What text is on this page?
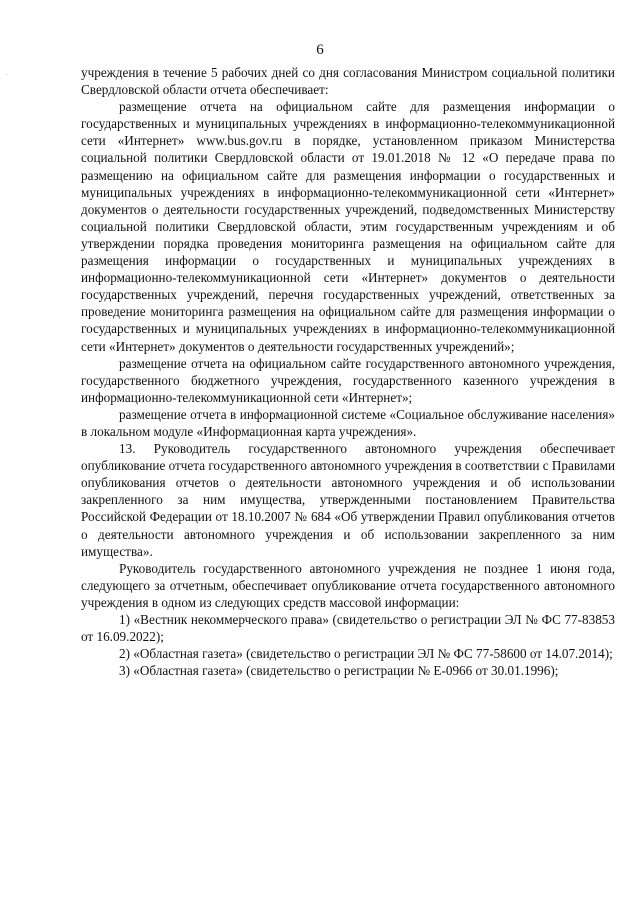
6

учреждения в течение 5 рабочих дней со дня согласования Министром социальной политики Свердловской области отчета обеспечивает:

размещение отчета на официальном сайте для размещения информации о государственных и муниципальных учреждениях в информационно-телекоммуникационной сети «Интернет» www.bus.gov.ru в порядке, установленном приказом Министерства социальной политики Свердловской области от 19.01.2018 № 12 «О передаче права по размещению на официальном сайте для размещения информации о государственных и муниципальных учреждениях в информационно-телекоммуникационной сети «Интернет» документов о деятельности государственных учреждений, подведомственных Министерству социальной политики Свердловской области, этим государственным учреждениям и об утверждении порядка проведения мониторинга размещения на официальном сайте для размещения информации о государственных и муниципальных учреждениях в информационно-телекоммуникационной сети «Интернет» документов о деятельности государственных учреждений, перечня государственных учреждений, ответственных за проведение мониторинга размещения на официальном сайте для размещения информации о государственных и муниципальных учреждениях в информационно-телекоммуникационной сети «Интернет» документов о деятельности государственных учреждений»;

размещение отчета на официальном сайте государственного автономного учреждения, государственного бюджетного учреждения, государственного казенного учреждения в информационно-телекоммуникационной сети «Интернет»;

размещение отчета в информационной системе «Социальное обслуживание населения» в локальном модуле «Информационная карта учреждения».

13. Руководитель государственного автономного учреждения обеспечивает опубликование отчета государственного автономного учреждения в соответствии с Правилами опубликования отчетов о деятельности автономного учреждения и об использовании закрепленного за ним имущества, утвержденными постановлением Правительства Российской Федерации от 18.10.2007 № 684 «Об утверждении Правил опубликования отчетов о деятельности автономного учреждения и об использовании закрепленного за ним имущества».

Руководитель государственного автономного учреждения не позднее 1 июня года, следующего за отчетным, обеспечивает опубликование отчета государственного автономного учреждения в одном из следующих средств массовой информации:

1) «Вестник некоммерческого права» (свидетельство о регистрации ЭЛ № ФС 77-83853 от 16.09.2022);

2) «Областная газета» (свидетельство о регистрации ЭЛ № ФС 77-58600 от 14.07.2014);

3) «Областная газета» (свидетельство о регистрации № Е-0966 от 30.01.1996);
